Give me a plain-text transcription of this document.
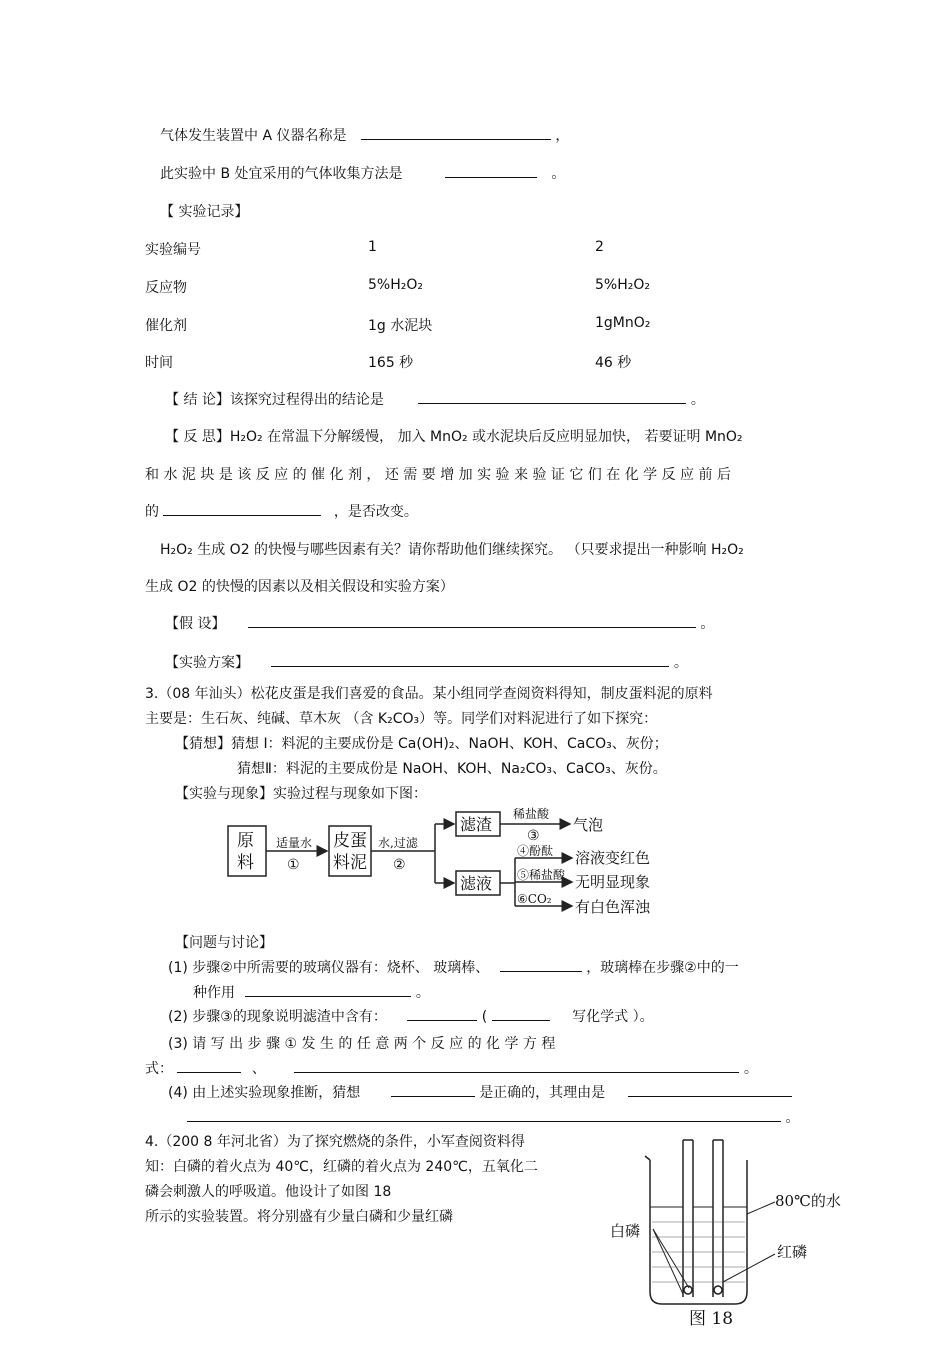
气体发生装置中 A 仪器名称是	，
此实验中 B 处宜采用的气体收集方法是	。
【 实验记录】
实验编号	1	2
反应物	5%H₂O₂	5%H₂O₂
催化剂	1g 水泥块	1gMnO₂
时间	165 秒	46 秒
【 结 论】该探究过程得出的结论是	。
【 反 思】H₂O₂ 在常温下分解缓慢， 加入 MnO₂ 或水泥块后反应明显加快， 若要证明 MnO₂
和 水 泥 块 是 该 反 应 的 催 化 剂 ， 还 需 要 增 加 实 验 来 验 证 它 们 在 化 学 反 应 前 后
的	，是否改变。
H₂O₂ 生成 O2 的快慢与哪些因素有关？请你帮助他们继续探究。 （只要求提出一种影响 H₂O₂
生成 O2 的快慢的因素以及相关假设和实验方案）
【假 设】	。
【实验方案】	。
3.（08 年汕头）松花皮蛋是我们喜爱的食品。某小组同学查阅资料得知，制皮蛋料泥的原料
主要是：生石灰、纯碱、草木灰 （含 K₂CO₃）等。同学们对料泥进行了如下探究：
【猜想】猜想 Ⅰ：料泥的主要成份是 Ca(OH)₂、NaOH、KOH、CaCO₃、灰份；
猜想Ⅱ：料泥的主要成份是 NaOH、KOH、Na₂CO₃、CaCO₃、灰份。
【实验与现象】实验过程与现象如下图：
原
料
适量水
①
皮蛋
料泥
水,过滤
②
滤渣
滤液
稀盐酸
③
气泡
④酚酞 溶液变红色
⑤稀盐酸 无明显现象
⑥CO₂ 有白色浑浊
【问题与讨论】
(1) 步骤②中所需要的玻璃仪器有：烧杯、 玻璃棒、	，玻璃棒在步骤②中的一
种作用	。
(2) 步骤③的现象说明滤渣中含有：	(	写化学式 ）。
(3) 请 写 出 步 骤 ① 发 生 的 任 意 两 个 反 应 的 化 学 方 程
式：	、	。
(4) 由上述实验现象推断，猜想	是正确的，其理由是
。
4.（200 8 年河北省）为了探究燃烧的条件，小军查阅资料得
知：白磷的着火点为 40℃，红磷的着火点为 240℃，五氧化二
磷会刺激人的呼吸道。他设计了如图 18
所示的实验装置。将分别盛有少量白磷和少量红磷
80℃的水
白磷
红磷
图 18
